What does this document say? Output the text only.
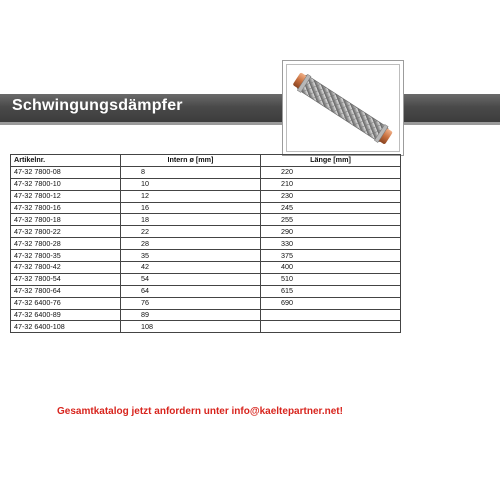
Schwingungsdämpfer
Artikelnr.	Intern ø [mm]	Länge [mm]
47-32 7800-08	8	220
47-32 7800-10	10	210
47-32 7800-12	12	230
47-32 7800-16	16	245
47-32 7800-18	18	255
47-32 7800-22	22	290
47-32 7800-28	28	330
47-32 7800-35	35	375
47-32 7800-42	42	400
47-32 7800-54	54	510
47-32 7800-64	64	615
47-32 6400-76	76	690
47-32 6400-89	89	
47-32 6400-108	108	
Gesamtkatalog jetzt anfordern unter info@kaeltepartner.net!
